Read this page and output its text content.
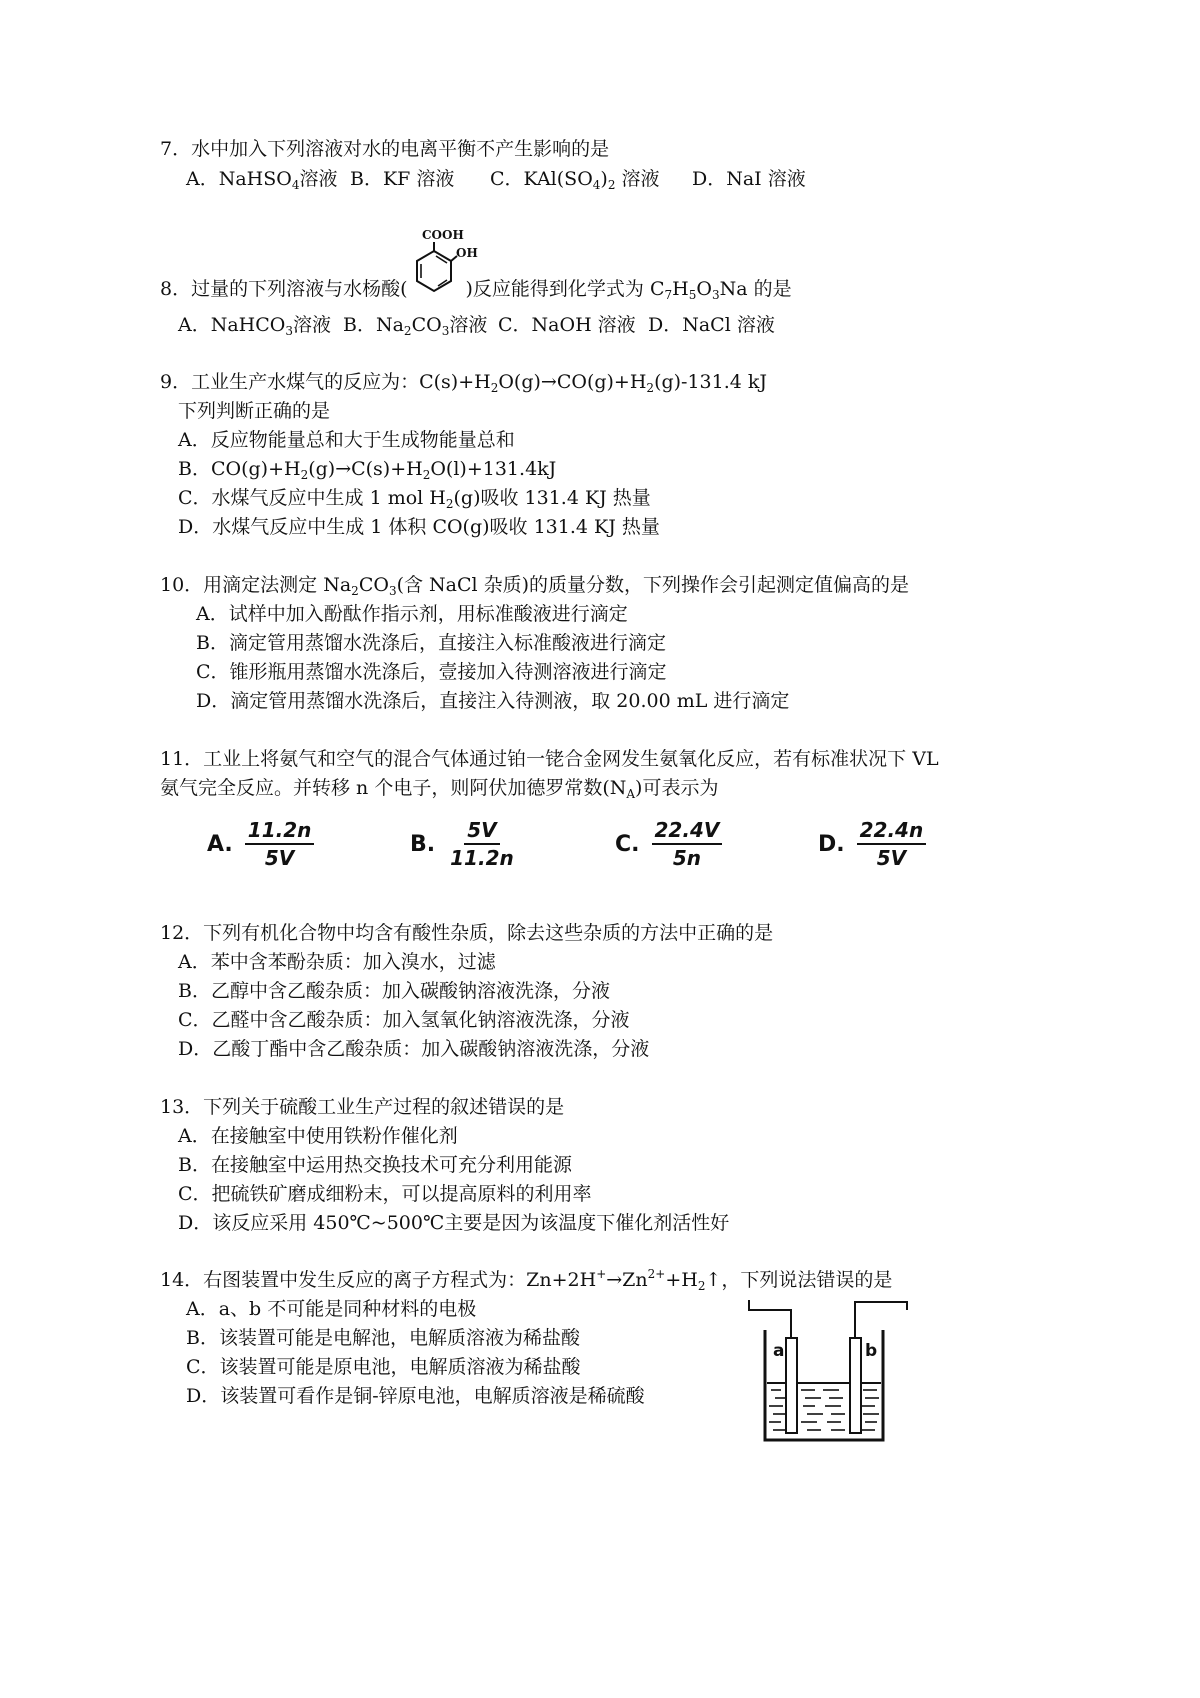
7．水中加入下列溶液对水的电离平衡不产生影响的是
A．NaHSO$_4$溶液 B．KF 溶液 C．$KAl(SO_4)_2$ 溶液 D．NaI 溶液
COOH
OH
8．过量的下列溶液与水杨酸(	)反应能得到化学式为 $C_7H_5O_3Na$ 的是
A．NaHCO$_3$溶液 B．$Na_2CO_3$溶液 C．NaOH 溶液 D．NaCl 溶液
9．工业生产水煤气的反应为：$C(s)+H_2O(g)\to CO(g)+H_2(g)-131.4$ kJ
下列判断正确的是
A．反应物能量总和大于生成物能量总和
B．$CO(g)+H_2(g)\to C(s)+H_2O(l)+131.4kJ$
C．水煤气反应中生成 1 mol $H_2(g)$吸收 131.4 KJ 热量
D．水煤气反应中生成 1 体积 CO(g)吸收 131.4 KJ 热量
10．用滴定法测定 $Na_2CO_3$(含 NaCl 杂质)的质量分数，下列操作会引起测定值偏高的是
A．试样中加入酚酞作指示剂，用标准酸液进行滴定
B．滴定管用蒸馏水洗涤后，直接注入标准酸液进行滴定
C．锥形瓶用蒸馏水洗涤后，壹接加入待测溶液进行滴定
D．滴定管用蒸馏水洗涤后，直接注入待测液，取 20.00 mL 进行滴定
11．工业上将氨气和空气的混合气体通过铂一铑合金网发生氨氧化反应，若有标准状况下 VL
氨气完全反应。并转移 n 个电子，则阿伏加德罗常数$(N_A)$可表示为
A. $\frac{11.2n}{5V}$	B. $\frac{5V}{11.2n}$	C. $\frac{22.4V}{5n}$	D. $\frac{22.4n}{5V}$
12．下列有机化合物中均含有酸性杂质，除去这些杂质的方法中正确的是
A．苯中含苯酚杂质：加入溴水，过滤
B．乙醇中含乙酸杂质：加入碳酸钠溶液洗涤，分液
C．乙醛中含乙酸杂质：加入氢氧化钠溶液洗涤，分液
D．乙酸丁酯中含乙酸杂质：加入碳酸钠溶液洗涤，分液
13．下列关于硫酸工业生产过程的叙述错误的是
A．在接触室中使用铁粉作催化剂
B．在接触室中运用热交换技术可充分利用能源
C．把硫铁矿磨成细粉末，可以提高原料的利用率
D．该反应采用 450℃~500℃主要是因为该温度下催化剂活性好
14．右图装置中发生反应的离子方程式为：$Zn+2H^+\to Zn^{2+}+H_2↑$，下列说法错误的是
A．a、b 不可能是同种材料的电极
B．该装置可能是电解池，电解质溶液为稀盐酸
C．该装置可能是原电池，电解质溶液为稀盐酸
D．该装置可看作是铜-锌原电池，电解质溶液是稀硫酸
a	b
